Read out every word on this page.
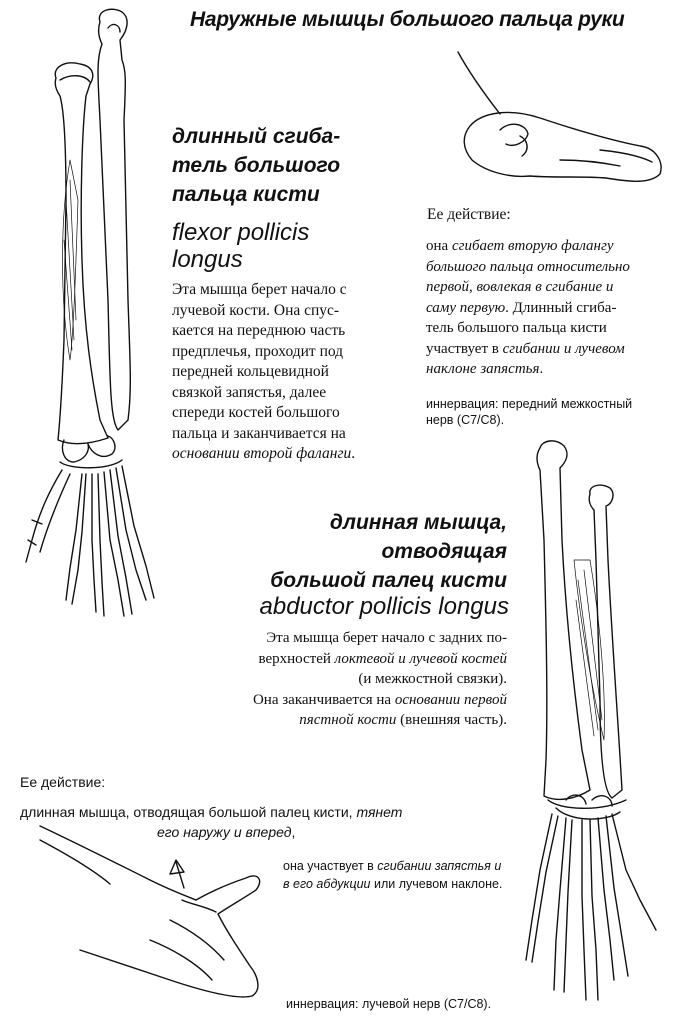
Наружные мышцы большого пальца руки
длинный сгиба-
тель большого
пальца кисти
flexor pollicis
longus
Эта мышца берет начало с
лучевой кости. Она спус-
кается на переднюю часть
предплечья, проходит под
передней кольцевидной
связкой запястья, далее
спереди костей большого
пальца и заканчивается на
основании второй фаланги.
Ее действие:
она сгибает вторую фалангу
большого пальца относительно
первой, вовлекая в сгибание и
саму первую. Длинный сгиба-
тель большого пальца кисти
участвует в сгибании и лучевом
наклоне запястья.
иннервация: передний межкостный
нерв (C7/C8).
длинная мышца,
отводящая
большой палец кисти
abductor pollicis longus
Эта мышца берет начало с задних по-
верхностей локтевой и лучевой костей
(и межкостной связки).
Она заканчивается на основании первой
пястной кости (внешняя часть).
Ее действие:
длинная мышца, отводящая большой палец кисти, тянет
его наружу и вперед,
она участвует в сгибании запястья и
в его абдукции или лучевом наклоне.
иннервация: лучевой нерв (C7/C8).
